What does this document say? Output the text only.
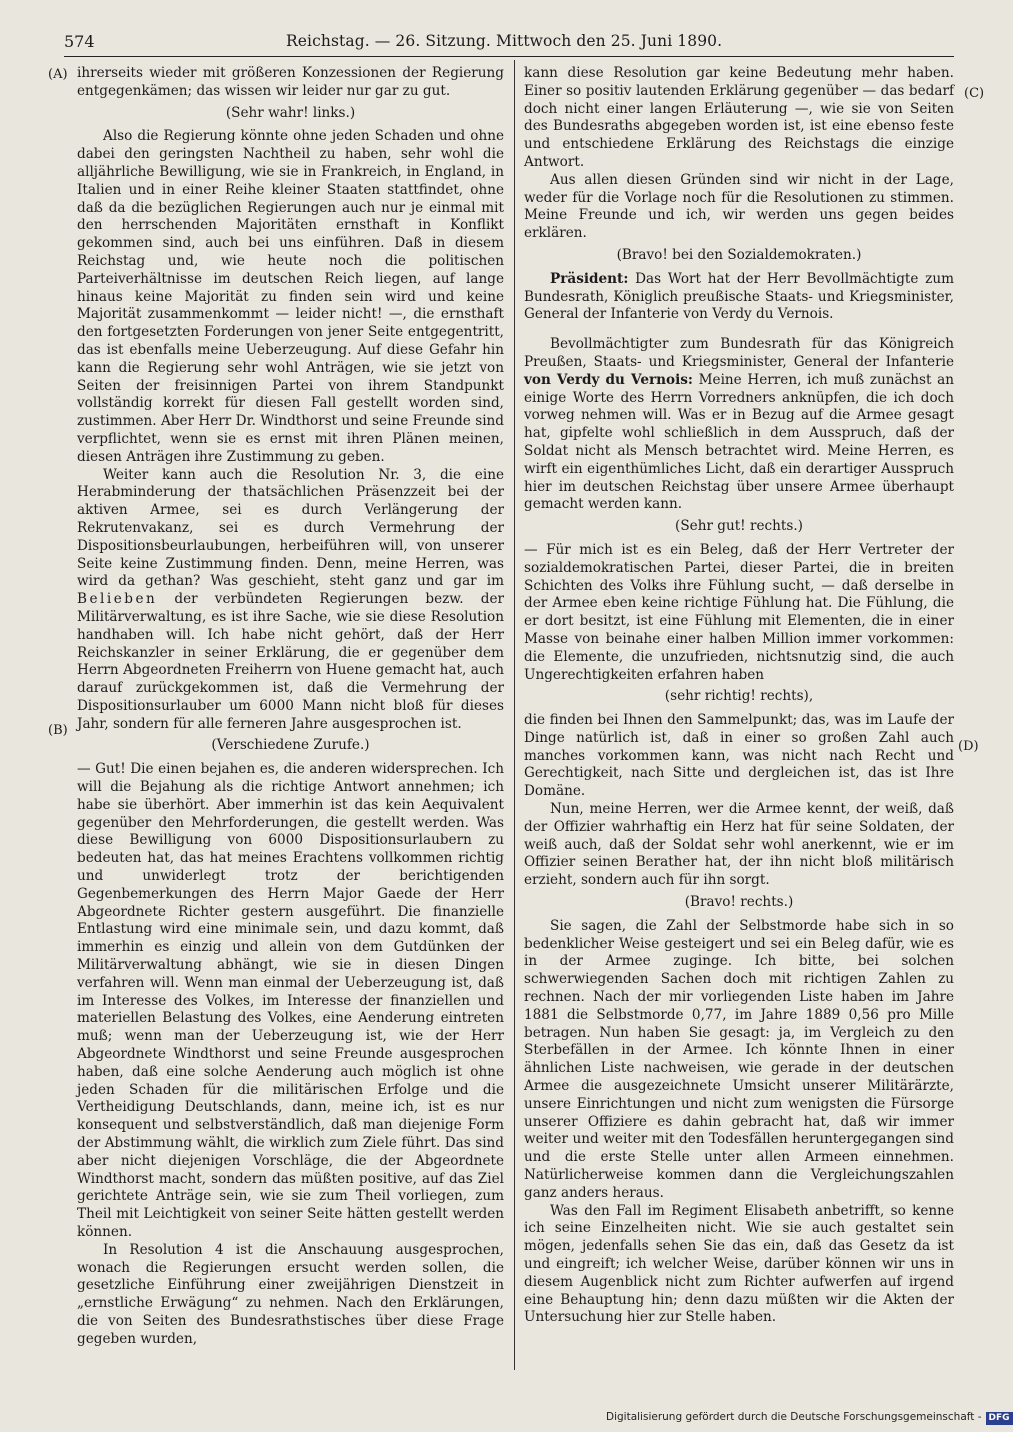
574	Reichstag. — 26. Sitzung. Mittwoch den 25. Juni 1890.
(A)
(B)
(C)
(D)

ihrerseits wieder mit größeren Konzessionen der Regierung entgegenkämen; das wissen wir leider nur gar zu gut.

(Sehr wahr! links.)

Also die Regierung könnte ohne jeden Schaden und ohne dabei den geringsten Nachtheil zu haben, sehr wohl die alljährliche Bewilligung, wie sie in Frankreich, in England, in Italien und in einer Reihe kleiner Staaten stattfindet, ohne daß da die bezüglichen Regierungen auch nur je einmal mit den herrschenden Majoritäten ernsthaft in Konflikt gekommen sind, auch bei uns einführen. Daß in diesem Reichstag und, wie heute noch die politischen Parteiverhältnisse im deutschen Reich liegen, auf lange hinaus keine Majorität zu finden sein wird und keine Majorität zusammenkommt — leider nicht! —, die ernsthaft den fortgesetzten Forderungen von jener Seite entgegentritt, das ist ebenfalls meine Ueberzeugung. Auf diese Gefahr hin kann die Regierung sehr wohl Anträgen, wie sie jetzt von Seiten der freisinnigen Partei von ihrem Standpunkt vollständig korrekt für diesen Fall gestellt worden sind, zustimmen. Aber Herr Dr. Windthorst und seine Freunde sind verpflichtet, wenn sie es ernst mit ihren Plänen meinen, diesen Anträgen ihre Zustimmung zu geben.

Weiter kann auch die Resolution Nr. 3, die eine Herabminderung der thatsächlichen Präsenzzeit bei der aktiven Armee, sei es durch Verlängerung der Rekrutenvakanz, sei es durch Vermehrung der Dispositionsbeurlaubungen, herbeiführen will, von unserer Seite keine Zustimmung finden. Denn, meine Herren, was wird da gethan? Was geschieht, steht ganz und gar im Belieben der verbündeten Regierungen bezw. der Militärverwaltung, es ist ihre Sache, wie sie diese Resolution handhaben will. Ich habe nicht gehört, daß der Herr Reichskanzler in seiner Erklärung, die er gegenüber dem Herrn Abgeordneten Freiherrn von Huene gemacht hat, auch darauf zurückgekommen ist, daß die Vermehrung der Dispositionsurlauber um 6000 Mann nicht bloß für dieses Jahr, sondern für alle ferneren Jahre ausgesprochen ist.

(Verschiedene Zurufe.)

— Gut! Die einen bejahen es, die anderen widersprechen. Ich will die Bejahung als die richtige Antwort annehmen; ich habe sie überhört. Aber immerhin ist das kein Aequivalent gegenüber den Mehrforderungen, die gestellt werden. Was diese Bewilligung von 6000 Dispositionsurlaubern zu bedeuten hat, das hat meines Erachtens vollkommen richtig und unwiderlegt trotz der berichtigenden Gegenbemerkungen des Herrn Major Gaede der Herr Abgeordnete Richter gestern ausgeführt. Die finanzielle Entlastung wird eine minimale sein, und dazu kommt, daß immerhin es einzig und allein von dem Gutdünken der Militärverwaltung abhängt, wie sie in diesen Dingen verfahren will. Wenn man einmal der Ueberzeugung ist, daß im Interesse des Volkes, im Interesse der finanziellen und materiellen Belastung des Volkes, eine Aenderung eintreten muß; wenn man der Ueberzeugung ist, wie der Herr Abgeordnete Windthorst und seine Freunde ausgesprochen haben, daß eine solche Aenderung auch möglich ist ohne jeden Schaden für die militärischen Erfolge und die Vertheidigung Deutschlands, dann, meine ich, ist es nur konsequent und selbstverständlich, daß man diejenige Form der Abstimmung wählt, die wirklich zum Ziele führt. Das sind aber nicht diejenigen Vorschläge, die der Abgeordnete Windthorst macht, sondern das müßten positive, auf das Ziel gerichtete Anträge sein, wie sie zum Theil vorliegen, zum Theil mit Leichtigkeit von seiner Seite hätten gestellt werden können.

In Resolution 4 ist die Anschauung ausgesprochen, wonach die Regierungen ersucht werden sollen, die gesetzliche Einführung einer zweijährigen Dienstzeit in „ernstliche Erwägung“ zu nehmen. Nach den Erklärungen, die von Seiten des Bundesrathstisches über diese Frage gegeben wurden,

kann diese Resolution gar keine Bedeutung mehr haben. Einer so positiv lautenden Erklärung gegenüber — das bedarf doch nicht einer langen Erläuterung —, wie sie von Seiten des Bundesraths abgegeben worden ist, ist eine ebenso feste und entschiedene Erklärung des Reichstags die einzige Antwort.

Aus allen diesen Gründen sind wir nicht in der Lage, weder für die Vorlage noch für die Resolutionen zu stimmen. Meine Freunde und ich, wir werden uns gegen beides erklären.

(Bravo! bei den Sozialdemokraten.)

Präsident: Das Wort hat der Herr Bevollmächtigte zum Bundesrath, Königlich preußische Staats- und Kriegsminister, General der Infanterie von Verdy du Vernois.

Bevollmächtigter zum Bundesrath für das Königreich Preußen, Staats- und Kriegsminister, General der Infanterie von Verdy du Vernois: Meine Herren, ich muß zunächst an einige Worte des Herrn Vorredners anknüpfen, die ich doch vorweg nehmen will. Was er in Bezug auf die Armee gesagt hat, gipfelte wohl schließlich in dem Ausspruch, daß der Soldat nicht als Mensch betrachtet wird. Meine Herren, es wirft ein eigenthümliches Licht, daß ein derartiger Ausspruch hier im deutschen Reichstag über unsere Armee überhaupt gemacht werden kann.

(Sehr gut! rechts.)

— Für mich ist es ein Beleg, daß der Herr Vertreter der sozialdemokratischen Partei, dieser Partei, die in breiten Schichten des Volks ihre Fühlung sucht, — daß derselbe in der Armee eben keine richtige Fühlung hat. Die Fühlung, die er dort besitzt, ist eine Fühlung mit Elementen, die in einer Masse von beinahe einer halben Million immer vorkommen: die Elemente, die unzufrieden, nichtsnutzig sind, die auch Ungerechtigkeiten erfahren haben

(sehr richtig! rechts),

die finden bei Ihnen den Sammelpunkt; das, was im Laufe der Dinge natürlich ist, daß in einer so großen Zahl auch manches vorkommen kann, was nicht nach Recht und Gerechtigkeit, nach Sitte und dergleichen ist, das ist Ihre Domäne.

Nun, meine Herren, wer die Armee kennt, der weiß, daß der Offizier wahrhaftig ein Herz hat für seine Soldaten, der weiß auch, daß der Soldat sehr wohl anerkennt, wie er im Offizier seinen Berather hat, der ihn nicht bloß militärisch erzieht, sondern auch für ihn sorgt.

(Bravo! rechts.)

Sie sagen, die Zahl der Selbstmorde habe sich in so bedenklicher Weise gesteigert und sei ein Beleg dafür, wie es in der Armee zuginge. Ich bitte, bei solchen schwerwiegenden Sachen doch mit richtigen Zahlen zu rechnen. Nach der mir vorliegenden Liste haben im Jahre 1881 die Selbstmorde 0,77, im Jahre 1889 0,56 pro Mille betragen. Nun haben Sie gesagt: ja, im Vergleich zu den Sterbefällen in der Armee. Ich könnte Ihnen in einer ähnlichen Liste nachweisen, wie gerade in der deutschen Armee die ausgezeichnete Umsicht unserer Militärärzte, unsere Einrichtungen und nicht zum wenigsten die Fürsorge unserer Offiziere es dahin gebracht hat, daß wir immer weiter und weiter mit den Todesfällen heruntergegangen sind und die erste Stelle unter allen Armeen einnehmen. Natürlicherweise kommen dann die Vergleichungszahlen ganz anders heraus.

Was den Fall im Regiment Elisabeth anbetrifft, so kenne ich seine Einzelheiten nicht. Wie sie auch gestaltet sein mögen, jedenfalls sehen Sie das ein, daß das Gesetz da ist und eingreift; ich welcher Weise, darüber können wir uns in diesem Augenblick nicht zum Richter aufwerfen auf irgend eine Behauptung hin; denn dazu müßten wir die Akten der Untersuchung hier zur Stelle haben.

Digitalisierung gefördert durch die Deutsche Forschungsgemeinschaft - DFG
